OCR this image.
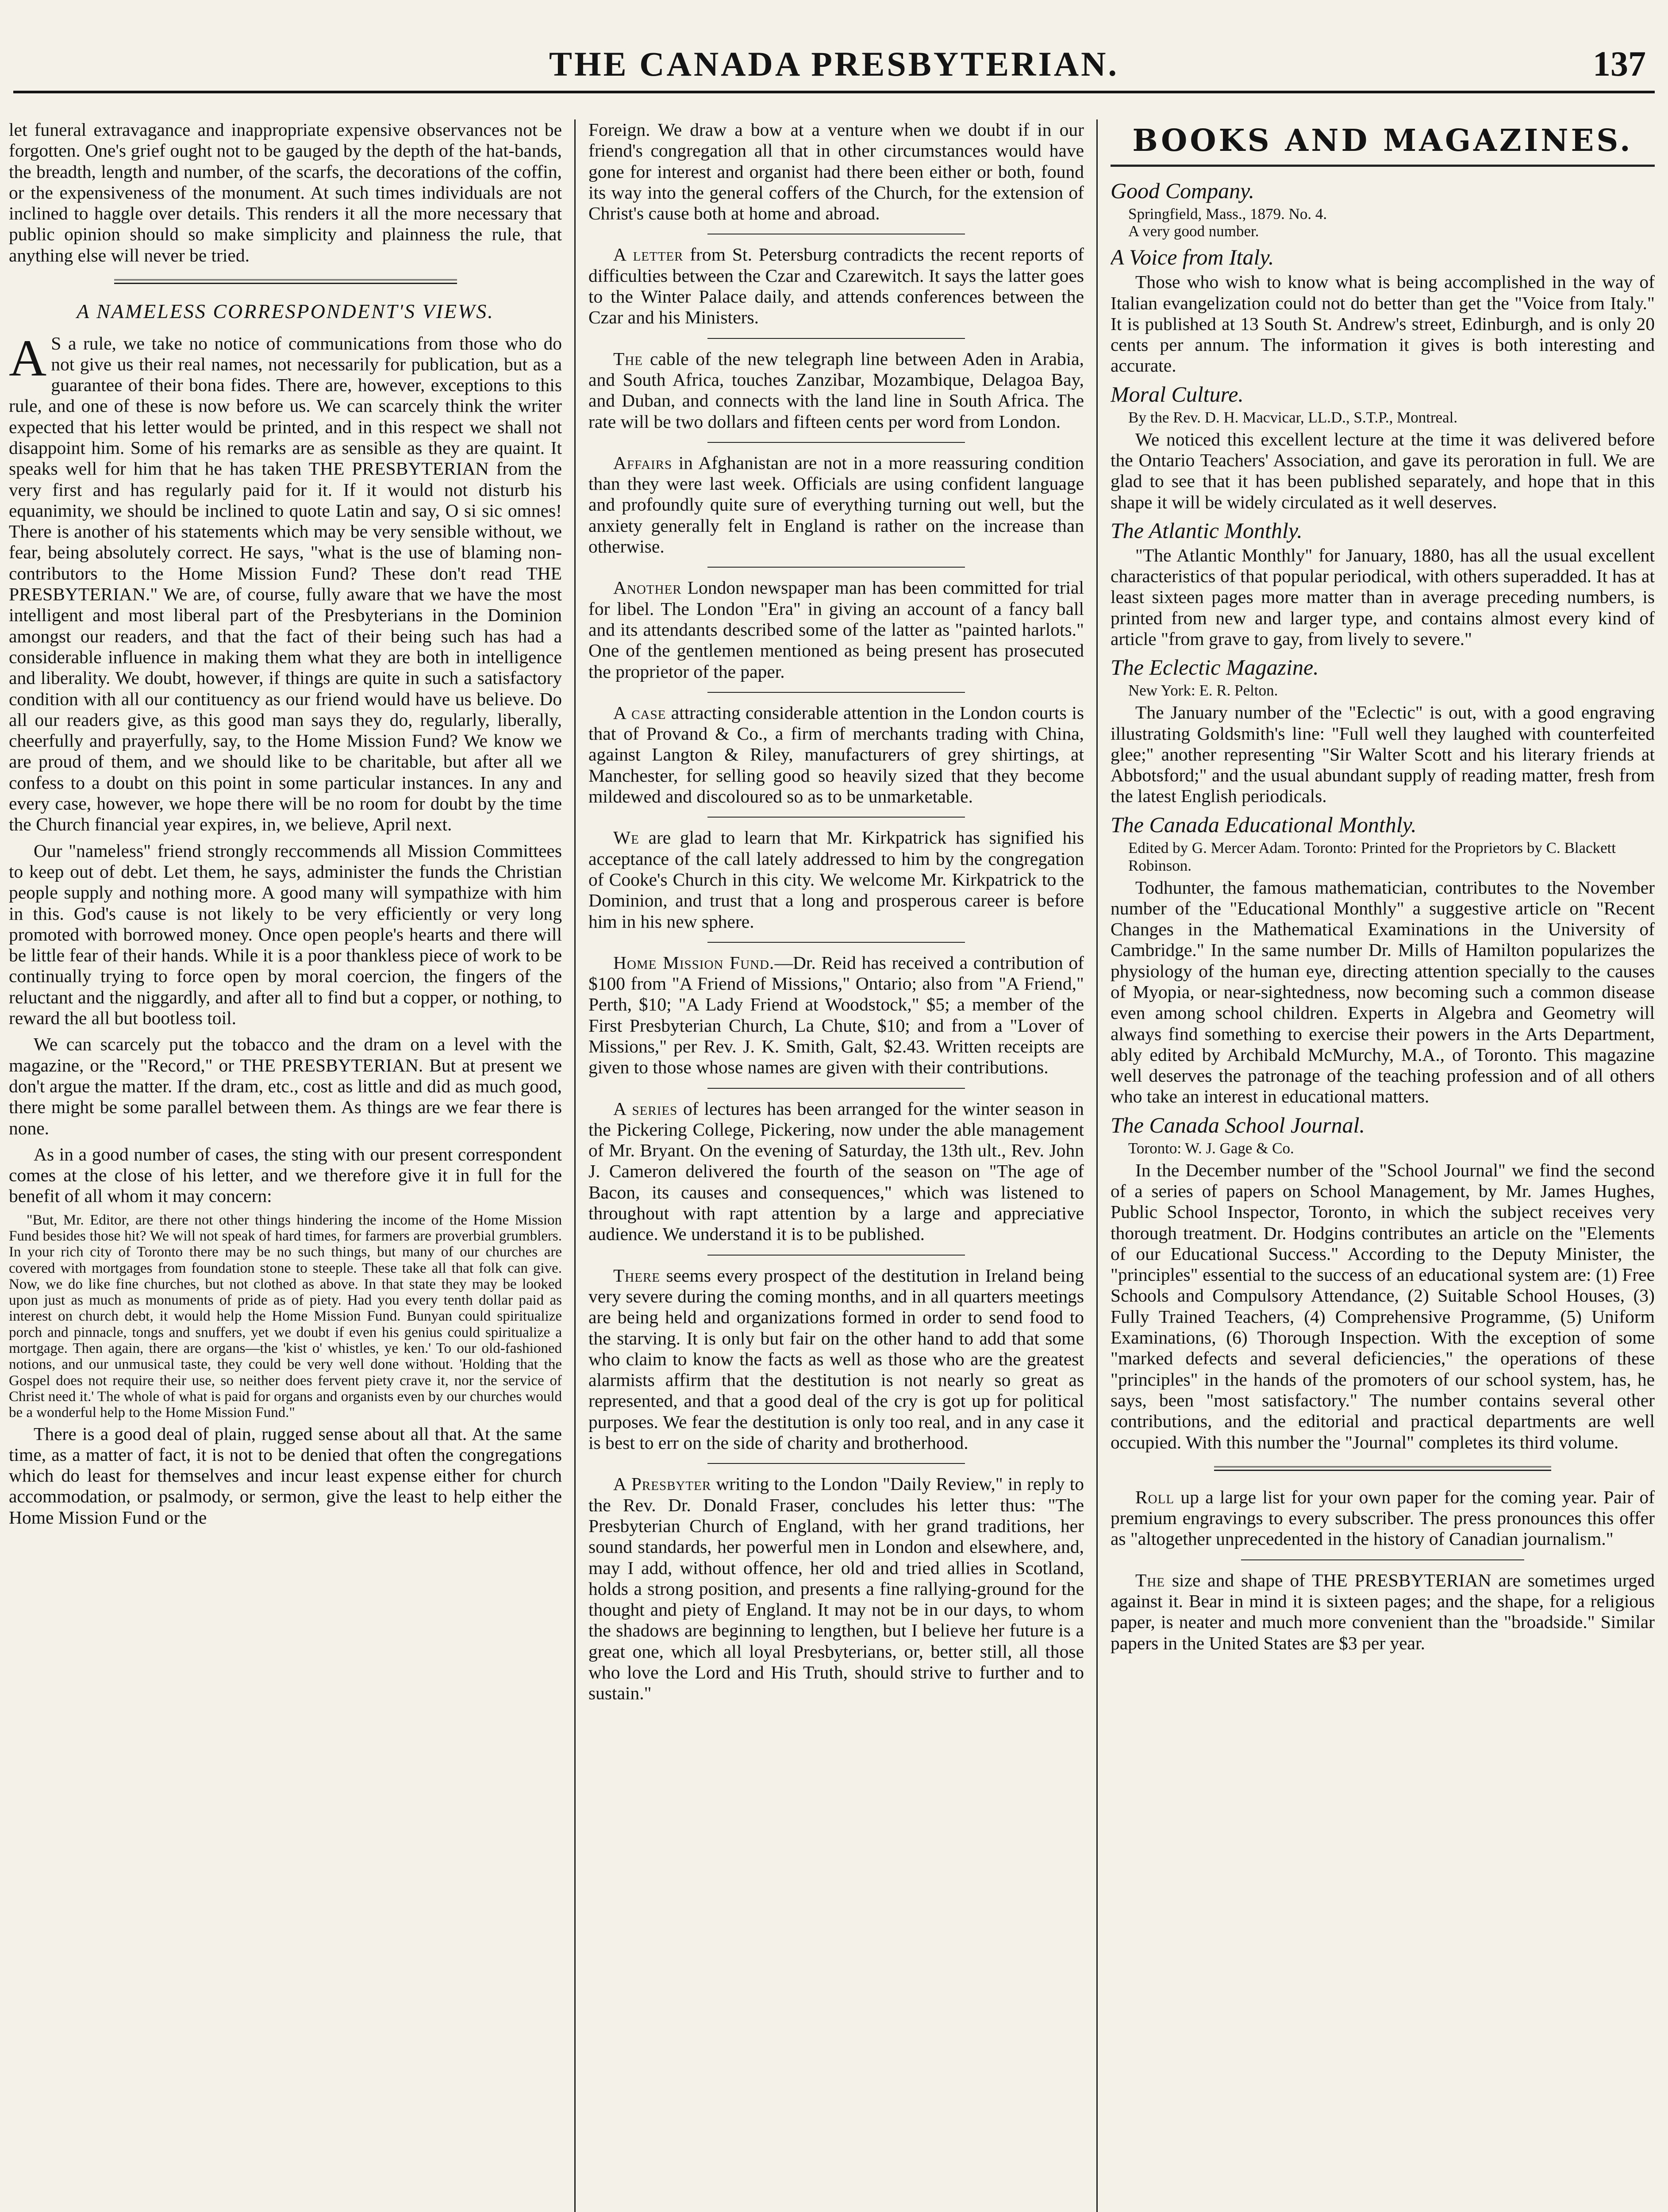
THE CANADA PRESBYTERIAN.	137

let funeral extravagance and inappropriate expensive observances not be forgotten. One's grief ought not to be gauged by the depth of the hat-bands, the breadth, length and number, of the scarfs, the decorations of the coffin, or the expensiveness of the monument. At such times individuals are not inclined to haggle over details. This renders it all the more necessary that public opinion should so make simplicity and plainness the rule, that anything else will never be tried.

A NAMELESS CORRESPONDENT'S VIEWS.

A S a rule, we take no notice of communications from those who do not give us their real names, not necessarily for publication, but as a guarantee of their bona fides. There are, however, exceptions to this rule, and one of these is now before us. We can scarcely think the writer expected that his letter would be printed, and in this respect we shall not disappoint him. Some of his remarks are as sensible as they are quaint. It speaks well for him that he has taken THE PRESBYTERIAN from the very first and has regularly paid for it. If it would not disturb his equanimity, we should be inclined to quote Latin and say, O si sic omnes! There is another of his statements which may be very sensible without, we fear, being absolutely correct. He says, "what is the use of blaming non-contributors to the Home Mission Fund? These don't read THE PRESBYTERIAN." We are, of course, fully aware that we have the most intelligent and most liberal part of the Presbyterians in the Dominion amongst our readers, and that the fact of their being such has had a considerable influence in making them what they are both in intelligence and liberality. We doubt, however, if things are quite in such a satisfactory condition with all our contituency as our friend would have us believe. Do all our readers give, as this good man says they do, regularly, liberally, cheerfully and prayerfully, say, to the Home Mission Fund? We know we are proud of them, and we should like to be charitable, but after all we confess to a doubt on this point in some particular instances. In any and every case, however, we hope there will be no room for doubt by the time the Church financial year expires, in, we believe, April next.

Our "nameless" friend strongly reccommends all Mission Committees to keep out of debt. Let them, he says, administer the funds the Christian people supply and nothing more. A good many will sympathize with him in this. God's cause is not likely to be very efficiently or very long promoted with borrowed money. Once open people's hearts and there will be little fear of their hands. While it is a poor thankless piece of work to be continually trying to force open by moral coercion, the fingers of the reluctant and the niggardly, and after all to find but a copper, or nothing, to reward the all but bootless toil.

We can scarcely put the tobacco and the dram on a level with the magazine, or the "Record," or THE PRESBYTERIAN. But at present we don't argue the matter. If the dram, etc., cost as little and did as much good, there might be some parallel between them. As things are we fear there is none.

As in a good number of cases, the sting with our present correspondent comes at the close of his letter, and we therefore give it in full for the benefit of all whom it may concern:

"But, Mr. Editor, are there not other things hindering the income of the Home Mission Fund besides those hit? We will not speak of hard times, for farmers are proverbial grumblers. In your rich city of Toronto there may be no such things, but many of our churches are covered with mortgages from foundation stone to steeple. These take all that folk can give. Now, we do like fine churches, but not clothed as above. In that state they may be looked upon just as much as monuments of pride as of piety. Had you every tenth dollar paid as interest on church debt, it would help the Home Mission Fund. Bunyan could spiritualize porch and pinnacle, tongs and snuffers, yet we doubt if even his genius could spiritualize a mortgage. Then again, there are organs—the 'kist o' whistles, ye ken.' To our old-fashioned notions, and our unmusical taste, they could be very well done without. 'Holding that the Gospel does not require their use, so neither does fervent piety crave it, nor the service of Christ need it.' The whole of what is paid for organs and organists even by our churches would be a wonderful help to the Home Mission Fund."

There is a good deal of plain, rugged sense about all that. At the same time, as a matter of fact, it is not to be denied that often the congregations which do least for themselves and incur least expense either for church accommodation, or psalmody, or sermon, give the least to help either the Home Mission Fund or the

Foreign. We draw a bow at a venture when we doubt if in our friend's congregation all that in other circumstances would have gone for interest and organist had there been either or both, found its way into the general coffers of the Church, for the extension of Christ's cause both at home and abroad.

A letter from St. Petersburg contradicts the recent reports of difficulties between the Czar and Czarewitch. It says the latter goes to the Winter Palace daily, and attends conferences between the Czar and his Ministers.

The cable of the new telegraph line between Aden in Arabia, and South Africa, touches Zanzibar, Mozambique, Delagoa Bay, and Duban, and connects with the land line in South Africa. The rate will be two dollars and fifteen cents per word from London.

Affairs in Afghanistan are not in a more reassuring condition than they were last week. Officials are using confident language and profoundly quite sure of everything turning out well, but the anxiety generally felt in England is rather on the increase than otherwise.

Another London newspaper man has been committed for trial for libel. The London "Era" in giving an account of a fancy ball and its attendants described some of the latter as "painted harlots." One of the gentlemen mentioned as being present has prosecuted the proprietor of the paper.

A case attracting considerable attention in the London courts is that of Provand & Co., a firm of merchants trading with China, against Langton & Riley, manufacturers of grey shirtings, at Manchester, for selling good so heavily sized that they become mildewed and discoloured so as to be unmarketable.

We are glad to learn that Mr. Kirkpatrick has signified his acceptance of the call lately addressed to him by the congregation of Cooke's Church in this city. We welcome Mr. Kirkpatrick to the Dominion, and trust that a long and prosperous career is before him in his new sphere.

Home Mission Fund.—Dr. Reid has received a contribution of $100 from "A Friend of Missions," Ontario; also from "A Friend," Perth, $10; "A Lady Friend at Woodstock," $5; a member of the First Presbyterian Church, La Chute, $10; and from a "Lover of Missions," per Rev. J. K. Smith, Galt, $2.43. Written receipts are given to those whose names are given with their contributions.

A series of lectures has been arranged for the winter season in the Pickering College, Pickering, now under the able management of Mr. Bryant. On the evening of Saturday, the 13th ult., Rev. John J. Cameron delivered the fourth of the season on "The age of Bacon, its causes and consequences," which was listened to throughout with rapt attention by a large and appreciative audience. We understand it is to be published.

There seems every prospect of the destitution in Ireland being very severe during the coming months, and in all quarters meetings are being held and organizations formed in order to send food to the starving. It is only but fair on the other hand to add that some who claim to know the facts as well as those who are the greatest alarmists affirm that the destitution is not nearly so great as represented, and that a good deal of the cry is got up for political purposes. We fear the destitution is only too real, and in any case it is best to err on the side of charity and brotherhood.

A Presbyter writing to the London "Daily Review," in reply to the Rev. Dr. Donald Fraser, concludes his letter thus: "The Presbyterian Church of England, with her grand traditions, her sound standards, her powerful men in London and elsewhere, and, may I add, without offence, her old and tried allies in Scotland, holds a strong position, and presents a fine rallying-ground for the thought and piety of England. It may not be in our days, to whom the shadows are beginning to lengthen, but I believe her future is a great one, which all loyal Presbyterians, or, better still, all those who love the Lord and His Truth, should strive to further and to sustain."

BOOKS AND MAGAZINES.
Good Company.
Springfield, Mass., 1879. No. 4.
A very good number.
A Voice from Italy.

Those who wish to know what is being accomplished in the way of Italian evangelization could not do better than get the "Voice from Italy." It is published at 13 South St. Andrew's street, Edinburgh, and is only 20 cents per annum. The information it gives is both interesting and accurate.

Moral Culture.
By the Rev. D. H. Macvicar, LL.D., S.T.P., Montreal.

We noticed this excellent lecture at the time it was delivered before the Ontario Teachers' Association, and gave its peroration in full. We are glad to see that it has been published separately, and hope that in this shape it will be widely circulated as it well deserves.

The Atlantic Monthly.

"The Atlantic Monthly" for January, 1880, has all the usual excellent characteristics of that popular periodical, with others superadded. It has at least sixteen pages more matter than in average preceding numbers, is printed from new and larger type, and contains almost every kind of article "from grave to gay, from lively to severe."

The Eclectic Magazine.
New York: E. R. Pelton.

The January number of the "Eclectic" is out, with a good engraving illustrating Goldsmith's line: "Full well they laughed with counterfeited glee;" another representing "Sir Walter Scott and his literary friends at Abbotsford;" and the usual abundant supply of reading matter, fresh from the latest English periodicals.

The Canada Educational Monthly.
Edited by G. Mercer Adam. Toronto: Printed for the Proprietors by C. Blackett Robinson.

Todhunter, the famous mathematician, contributes to the November number of the "Educational Monthly" a suggestive article on "Recent Changes in the Mathematical Examinations in the University of Cambridge." In the same number Dr. Mills of Hamilton popularizes the physiology of the human eye, directing attention specially to the causes of Myopia, or near-sightedness, now becoming such a common disease even among school children. Experts in Algebra and Geometry will always find something to exercise their powers in the Arts Department, ably edited by Archibald McMurchy, M.A., of Toronto. This magazine well deserves the patronage of the teaching profession and of all others who take an interest in educational matters.

The Canada School Journal.
Toronto: W. J. Gage & Co.

In the December number of the "School Journal" we find the second of a series of papers on School Management, by Mr. James Hughes, Public School Inspector, Toronto, in which the subject receives very thorough treatment. Dr. Hodgins contributes an article on the "Elements of our Educational Success." According to the Deputy Minister, the "principles" essential to the success of an educational system are: (1) Free Schools and Compulsory Attendance, (2) Suitable School Houses, (3) Fully Trained Teachers, (4) Comprehensive Programme, (5) Uniform Examinations, (6) Thorough Inspection. With the exception of some "marked defects and several deficiencies," the operations of these "principles" in the hands of the promoters of our school system, has, he says, been "most satisfactory." The number contains several other contributions, and the editorial and practical departments are well occupied. With this number the "Journal" completes its third volume.

Roll up a large list for your own paper for the coming year. Pair of premium engravings to every subscriber. The press pronounces this offer as "altogether unprecedented in the history of Canadian journalism."

The size and shape of THE PRESBYTERIAN are sometimes urged against it. Bear in mind it is sixteen pages; and the shape, for a religious paper, is neater and much more convenient than the "broadside." Similar papers in the United States are $3 per year.
